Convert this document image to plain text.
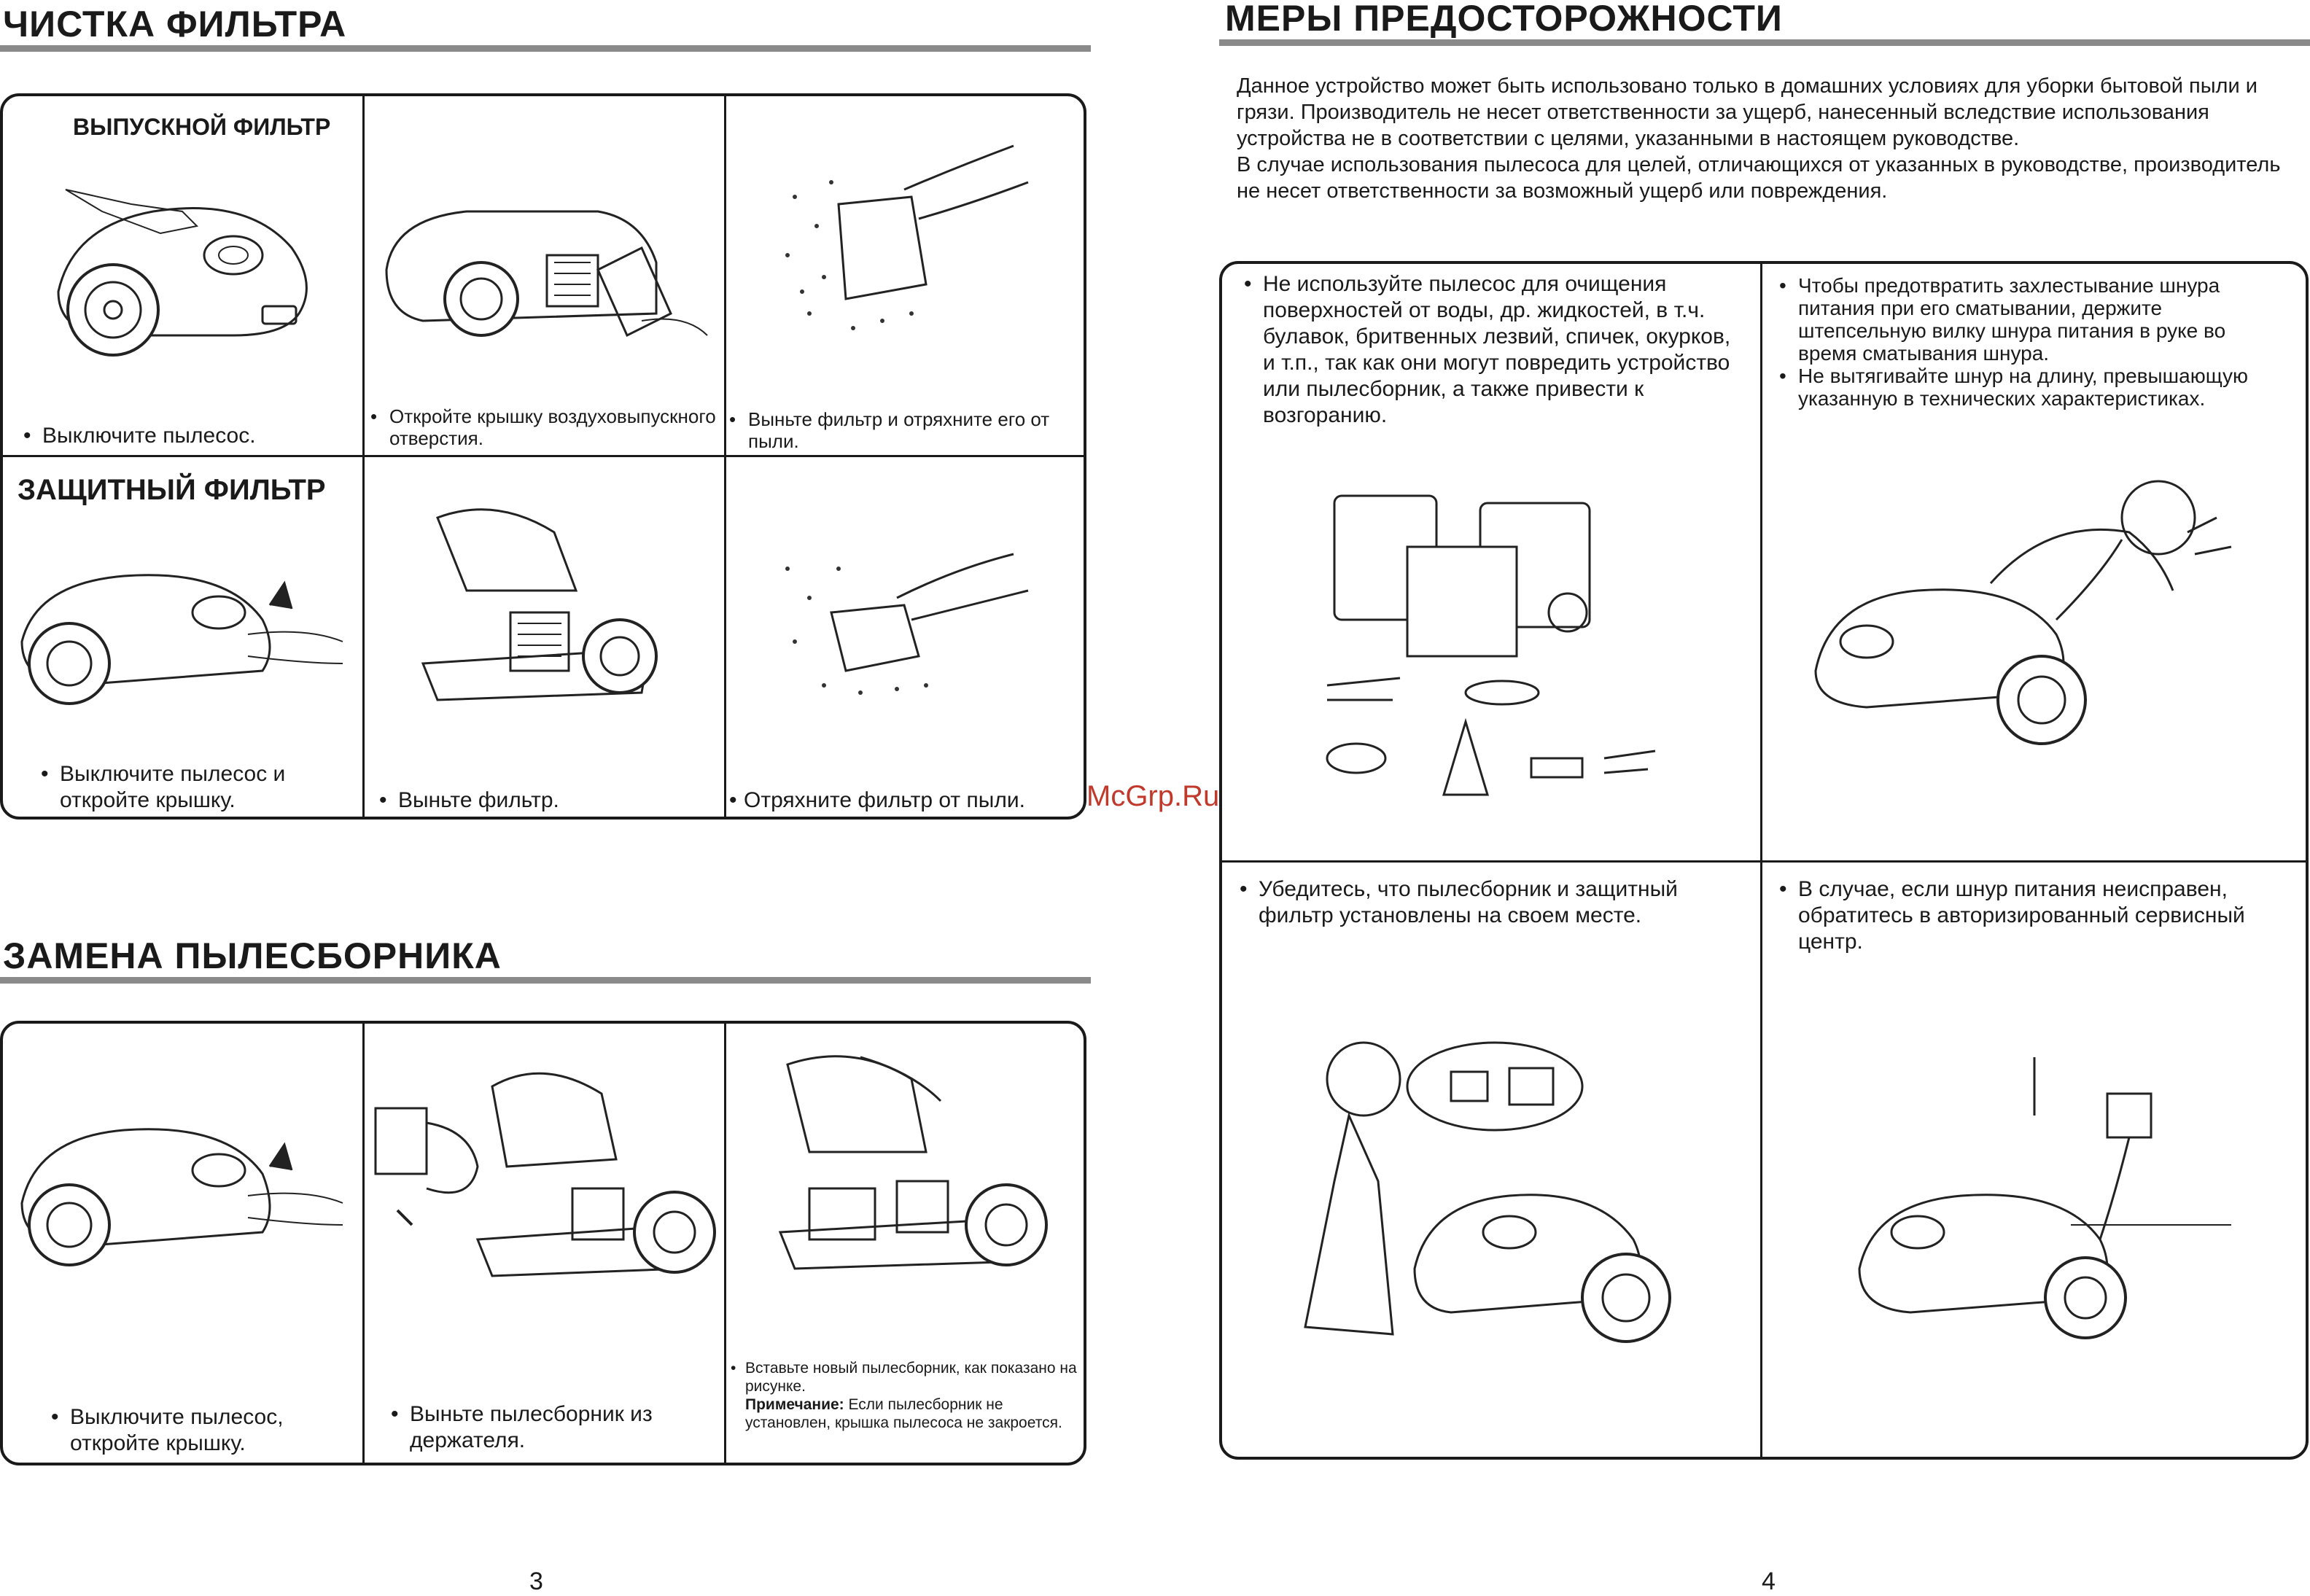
ЧИСТКА ФИЛЬТРА
ВЫПУСКНОЙ ФИЛЬТР
ЗАЩИТНЫЙ ФИЛЬТР
• Выключите пылесос.
• Откройте крышку воздуховыпускного отверстия.
• Выньте фильтр и отряхните его от пыли.
• Выключите пылесос и откройте крышку.	• Выньте фильтр.	• Отряхните фильтр от пыли. McGrp.Ru
ЗАМЕНА ПЫЛЕСБОРНИКА
• Выключите пылесос, откройте крышку.
• Выньте пылесборник из держателя.
• Вставьте новый пылесборник, как показано на рисунке.
Примечание: Если пылесборник не установлен, крышка пылесоса не закроется.
3
МЕРЫ ПРЕДОСТОРОЖНОСТИ

Данное устройство может быть использовано только в домашних условиях для уборки бытовой пыли и грязи. Производитель не несет ответственности за ущерб, нанесенный вследствие использования устройства не в соответствии с целями, указанными в настоящем руководстве.

В случае использования пылесоса для целей, отличающихся от указанных в руководстве, производитель не несет ответственности за возможный ущерб или повреждения.

• Не используйте пылесос для очищения поверхностей от воды, др. жидкостей, в т.ч. булавок, бритвенных лезвий, спичек, окурков, и т.п., так как они могут повредить устройство или пылесборник, а также привести к возгоранию.
• Чтобы предотвратить захлестывание шнура питания при его сматывании, держите штепсельную вилку шнура питания в руке во время сматывания шнура.
• Не вытягивайте шнур на длину, превышающую указанную в технических характеристиках.
• Убедитесь, что пылесборник и защитный фильтр установлены на своем месте.
• В случае, если шнур питания неисправен, обратитесь в авторизированный сервисный центр.
4
